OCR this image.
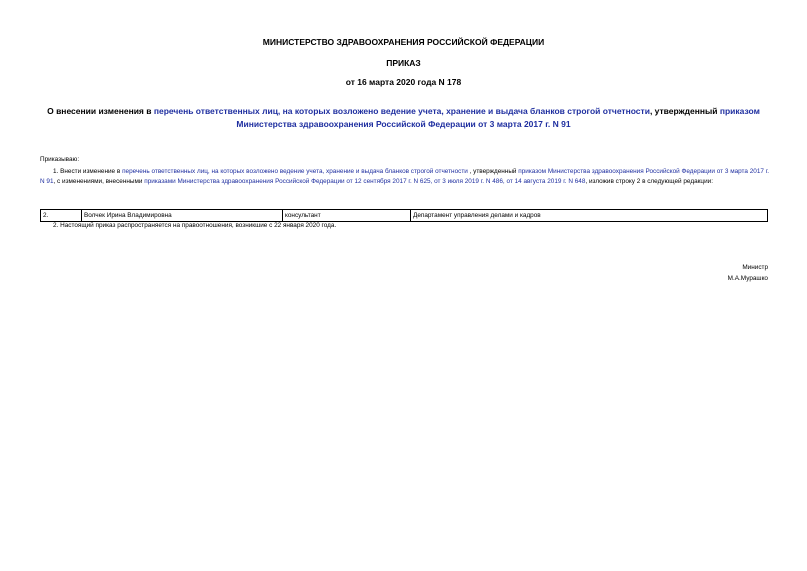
МИНИСТЕРСТВО ЗДРАВООХРАНЕНИЯ РОССИЙСКОЙ ФЕДЕРАЦИИ
ПРИКАЗ
от 16 марта 2020 года N 178
О внесении изменения в перечень ответственных лиц, на которых возложено ведение учета, хранение и выдача бланков строгой отчетности, утвержденный приказом Министерства здравоохранения Российской Федерации от 3 марта 2017 г. N 91
Приказываю:
1. Внести изменение в перечень ответственных лиц, на которых возложено ведение учета, хранение и выдача бланков строгой отчетности , утвержденный приказом Министерства здравоохранения Российской Федерации от 3 марта 2017 г. N 91, с изменениями, внесенными приказами Министерства здравоохранения Российской Федерации от 12 сентября 2017 г. N 625, от 3 июля 2019 г. N 486, от 14 августа 2019 г. N 648, изложив строку 2 в следующей редакции:
2.	Волчек Ирина Владимировна	консультант	Департамент управления делами и кадров
2. Настоящий приказ распространяется на правоотношения, возникшие с 22 января 2020 года.
Министр
М.А.Мурашко
